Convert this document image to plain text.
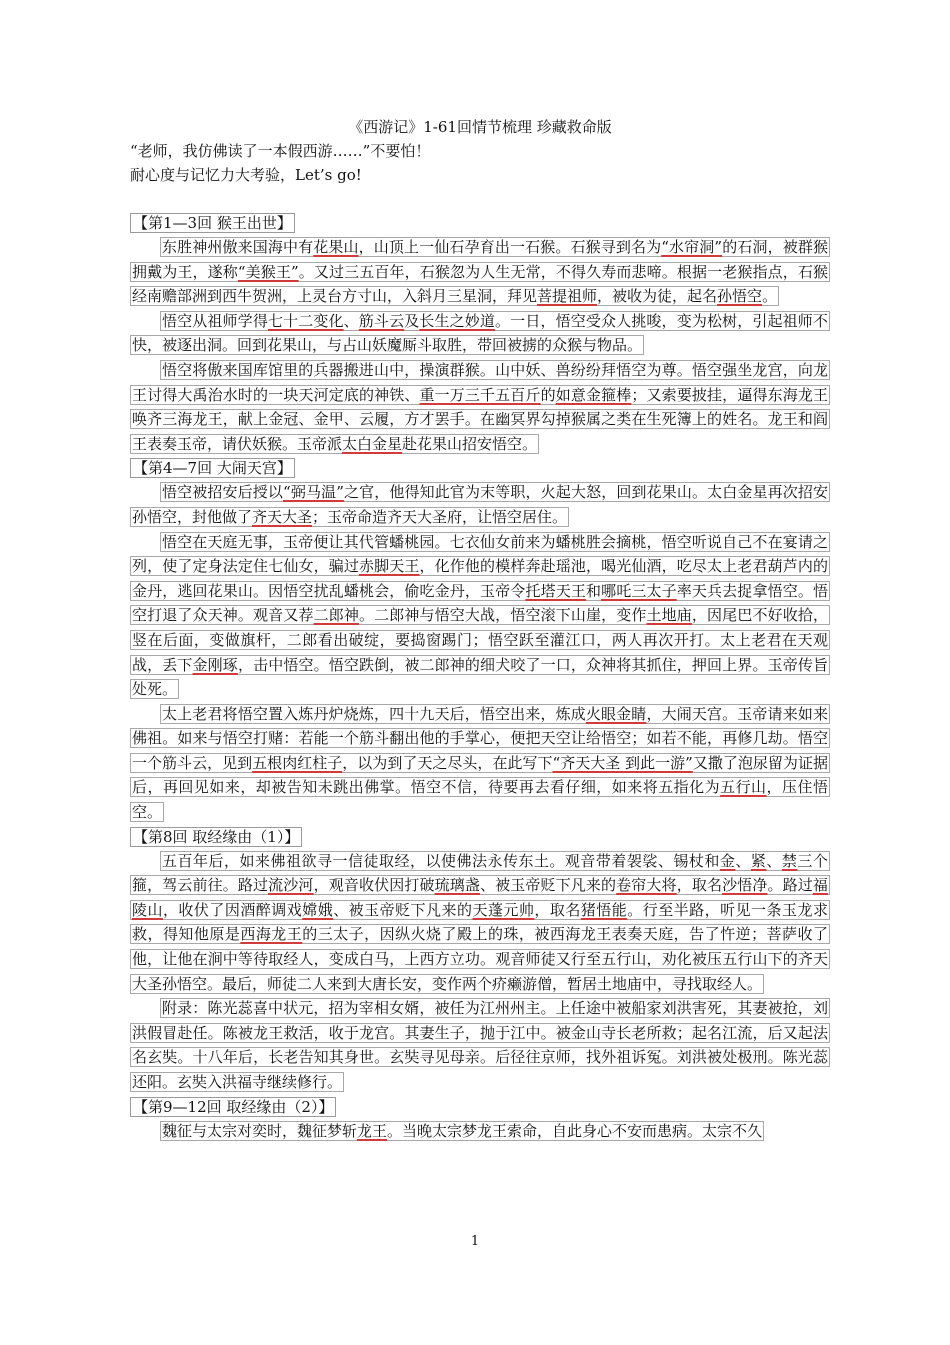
《西游记》1-61回情节梳理 珍藏救命版

“老师，我仿佛读了一本假西游……”不要怕！

耐心度与记忆力大考验，Let’s go!

【第1—3回 猴王出世】

东胜神州傲来国海中有花果山，山顶上一仙石孕育出一石猴。石猴寻到名为“水帘洞”的石洞，被群猴拥戴为王，遂称“美猴王”。又过三五百年，石猴忽为人生无常，不得久寿而悲啼。根据一老猴指点，石猴经南赡部洲到西牛贺洲，上灵台方寸山，入斜月三星洞，拜见菩提祖师，被收为徒，起名孙悟空。

悟空从祖师学得七十二变化、筋斗云及长生之妙道。一日，悟空受众人挑唆，变为松树，引起祖师不快，被逐出洞。回到花果山，与占山妖魔厮斗取胜，带回被掳的众猴与物品。

悟空将傲来国库馆里的兵器搬进山中，操演群猴。山中妖、兽纷纷拜悟空为尊。悟空强坐龙宫，向龙王讨得大禹治水时的一块天河定底的神铁、重一万三千五百斤的如意金箍棒；又索要披挂，逼得东海龙王唤齐三海龙王，献上金冠、金甲、云履，方才罢手。在幽冥界勾掉猴属之类在生死簿上的姓名。龙王和阎王表奏玉帝，请伏妖猴。玉帝派太白金星赴花果山招安悟空。

【第4—7回 大闹天宫】

悟空被招安后授以“弼马温”之官，他得知此官为末等职，火起大怒，回到花果山。太白金星再次招安孙悟空，封他做了齐天大圣；玉帝命造齐天大圣府，让悟空居住。

悟空在天庭无事，玉帝便让其代管蟠桃园。七衣仙女前来为蟠桃胜会摘桃，悟空听说自己不在宴请之列，使了定身法定住七仙女，骗过赤脚天王，化作他的模样奔赴瑶池，喝光仙酒，吃尽太上老君葫芦内的金丹，逃回花果山。因悟空扰乱蟠桃会，偷吃金丹，玉帝令托塔天王和哪吒三太子率天兵去捉拿悟空。悟空打退了众天神。观音又荐二郎神。二郎神与悟空大战，悟空滚下山崖，变作土地庙，因尾巴不好收拾，竖在后面，变做旗杆，二郎看出破绽，要捣窗踢门；悟空跃至灌江口，两人再次开打。太上老君在天观战，丢下金刚琢，击中悟空。悟空跌倒，被二郎神的细犬咬了一口，众神将其抓住，押回上界。玉帝传旨处死。

太上老君将悟空置入炼丹炉烧炼，四十九天后，悟空出来，炼成火眼金睛，大闹天宫。玉帝请来如来佛祖。如来与悟空打赌：若能一个筋斗翻出他的手掌心，便把天空让给悟空；如若不能，再修几劫。悟空一个筋斗云，见到五根肉红柱子，以为到了天之尽头，在此写下“齐天大圣 到此一游”又撒了泡尿留为证据后，再回见如来，却被告知未跳出佛掌。悟空不信，待要再去看仔细，如来将五指化为五行山，压住悟空。

【第8回 取经缘由（1）】

五百年后，如来佛祖欲寻一信徒取经，以使佛法永传东土。观音带着袈裟、锡杖和金、紧、禁三个箍，驾云前往。路过流沙河，观音收伏因打破琉璃盏、被玉帝贬下凡来的卷帘大将，取名沙悟净。路过福陵山，收伏了因酒醉调戏嫦娥、被玉帝贬下凡来的天蓬元帅，取名猪悟能。行至半路，听见一条玉龙求救，得知他原是西海龙王的三太子，因纵火烧了殿上的珠，被西海龙王表奏天庭，告了忤逆；菩萨收了他，让他在涧中等待取经人，变成白马，上西方立功。观音师徒又行至五行山，劝化被压五行山下的齐天大圣孙悟空。最后，师徒二人来到大唐长安，变作两个疥癞游僧，暂居土地庙中，寻找取经人。

附录：陈光蕊喜中状元，招为宰相女婿，被任为江州州主。上任途中被船家刘洪害死，其妻被抢，刘洪假冒赴任。陈被龙王救活，收于龙宫。其妻生子，抛于江中。被金山寺长老所救；起名江流，后又起法名玄奘。十八年后，长老告知其身世。玄奘寻见母亲。后径往京师，找外祖诉冤。刘洪被处极刑。陈光蕊还阳。玄奘入洪福寺继续修行。

【第9—12回 取经缘由（2）】

魏征与太宗对奕时，魏征梦斩龙王。当晚太宗梦龙王索命，自此身心不安而患病。太宗不久

1
